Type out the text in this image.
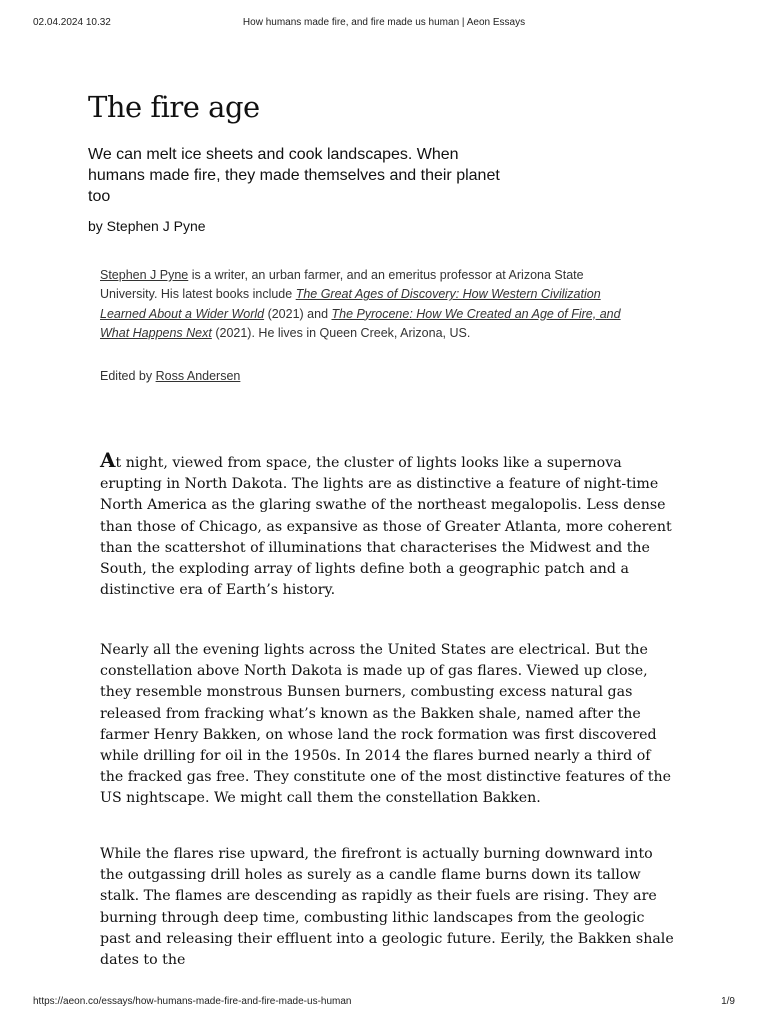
02.04.2024 10.32	How humans made fire, and fire made us human | Aeon Essays
The fire age

We can melt ice sheets and cook landscapes. When humans made fire, they made themselves and their planet too

by Stephen J Pyne

Stephen J Pyne is a writer, an urban farmer, and an emeritus professor at Arizona State University. His latest books include The Great Ages of Discovery: How Western Civilization Learned About a Wider World (2021) and The Pyrocene: How We Created an Age of Fire, and What Happens Next (2021). He lives in Queen Creek, Arizona, US.

Edited by Ross Andersen

At night, viewed from space, the cluster of lights looks like a supernova erupting in North Dakota. The lights are as distinctive a feature of night-time North America as the glaring swathe of the northeast megalopolis. Less dense than those of Chicago, as expansive as those of Greater Atlanta, more coherent than the scattershot of illuminations that characterises the Midwest and the South, the exploding array of lights define both a geographic patch and a distinctive era of Earth’s history.

Nearly all the evening lights across the United States are electrical. But the constellation above North Dakota is made up of gas flares. Viewed up close, they resemble monstrous Bunsen burners, combusting excess natural gas released from fracking what’s known as the Bakken shale, named after the farmer Henry Bakken, on whose land the rock formation was first discovered while drilling for oil in the 1950s. In 2014 the flares burned nearly a third of the fracked gas free. They constitute one of the most distinctive features of the US nightscape. We might call them the constellation Bakken.

While the flares rise upward, the firefront is actually burning downward into the outgassing drill holes as surely as a candle flame burns down its tallow stalk. The flames are descending as rapidly as their fuels are rising. They are burning through deep time, combusting lithic landscapes from the geologic past and releasing their effluent into a geologic future. Eerily, the Bakken shale dates to the

https://aeon.co/essays/how-humans-made-fire-and-fire-made-us-human	1/9
